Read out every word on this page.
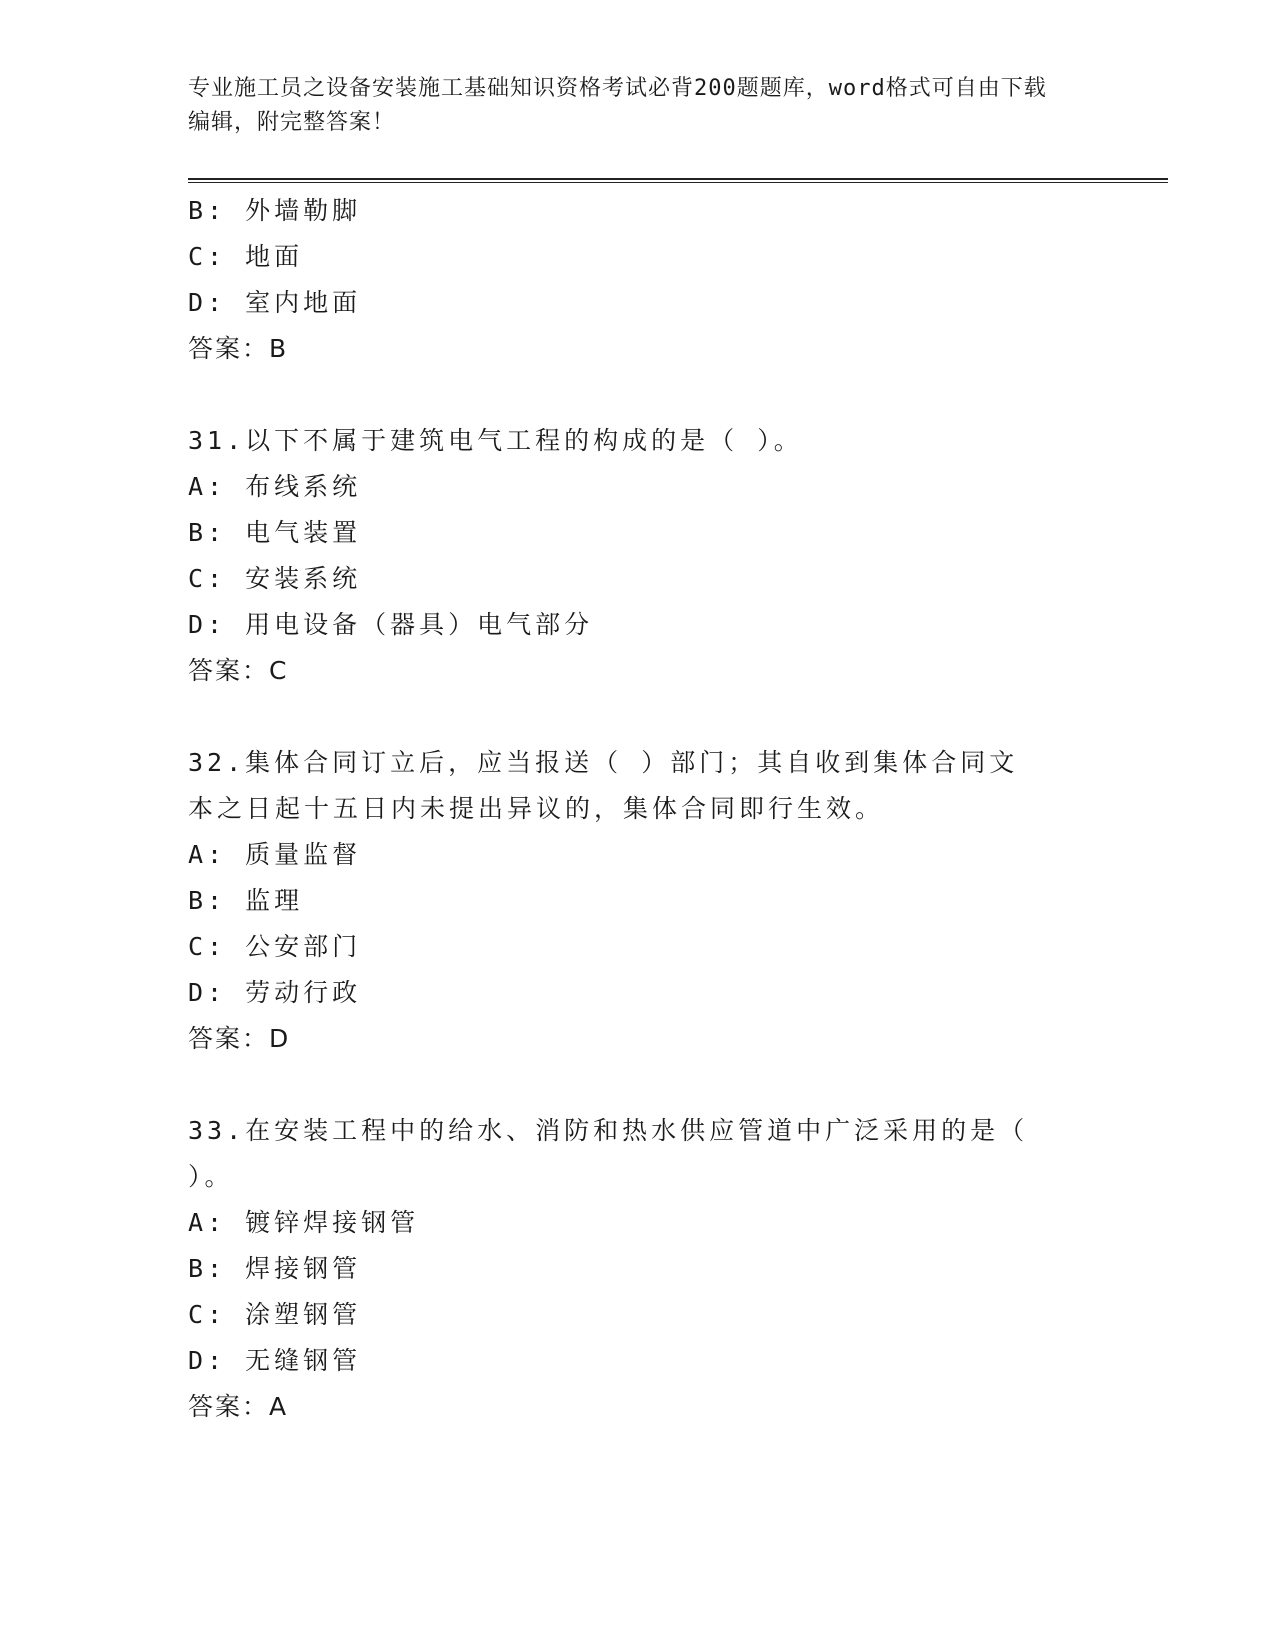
专业施工员之设备安装施工基础知识资格考试必背200题题库，word格式可自由下载编辑，附完整答案！
B: 外墙勒脚
C: 地面
D: 室内地面
答案：B
31.以下不属于建筑电气工程的构成的是（ ）。
A: 布线系统
B: 电气装置
C: 安装系统
D: 用电设备（器具）电气部分
答案：C
32.集体合同订立后，应当报送（ ）部门；其自收到集体合同文本之日起十五日内未提出异议的，集体合同即行生效。
A: 质量监督
B: 监理
C: 公安部门
D: 劳动行政
答案：D
33.在安装工程中的给水、消防和热水供应管道中广泛采用的是（ ）。
A: 镀锌焊接钢管
B: 焊接钢管
C: 涂塑钢管
D: 无缝钢管
答案：A
